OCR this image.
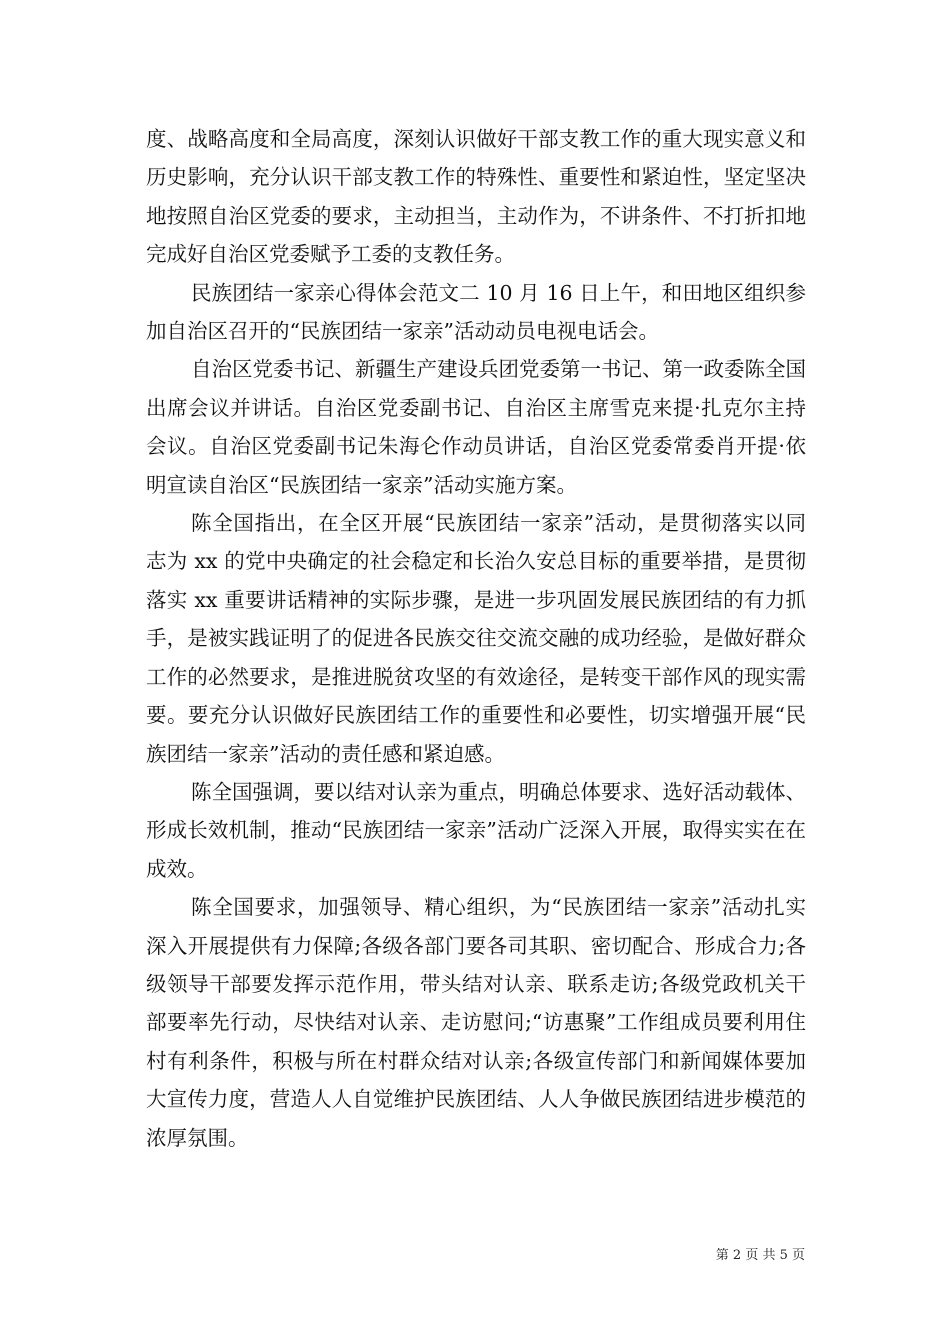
度、战略高度和全局高度，深刻认识做好干部支教工作的重大现实意义和历史影响，充分认识干部支教工作的特殊性、重要性和紧迫性，坚定坚决地按照自治区党委的要求，主动担当，主动作为，不讲条件、不打折扣地完成好自治区党委赋予工委的支教任务。

民族团结一家亲心得体会范文二 10 月 16 日上午，和田地区组织参加自治区召开的“民族团结一家亲”活动动员电视电话会。

自治区党委书记、新疆生产建设兵团党委第一书记、第一政委陈全国出席会议并讲话。自治区党委副书记、自治区主席雪克来提·扎克尔主持会议。自治区党委副书记朱海仑作动员讲话，自治区党委常委肖开提·依明宣读自治区“民族团结一家亲”活动实施方案。

陈全国指出，在全区开展“民族团结一家亲”活动，是贯彻落实以同志为 xx 的党中央确定的社会稳定和长治久安总目标的重要举措，是贯彻落实 xx 重要讲话精神的实际步骤，是进一步巩固发展民族团结的有力抓手，是被实践证明了的促进各民族交往交流交融的成功经验，是做好群众工作的必然要求，是推进脱贫攻坚的有效途径，是转变干部作风的现实需要。要充分认识做好民族团结工作的重要性和必要性，切实增强开展“民族团结一家亲”活动的责任感和紧迫感。

陈全国强调，要以结对认亲为重点，明确总体要求、选好活动载体、形成长效机制，推动“民族团结一家亲”活动广泛深入开展，取得实实在在成效。

陈全国要求，加强领导、精心组织，为“民族团结一家亲”活动扎实深入开展提供有力保障;各级各部门要各司其职、密切配合、形成合力;各级领导干部要发挥示范作用，带头结对认亲、联系走访;各级党政机关干部要率先行动，尽快结对认亲、走访慰问;“访惠聚”工作组成员要利用住村有利条件，积极与所在村群众结对认亲;各级宣传部门和新闻媒体要加大宣传力度，营造人人自觉维护民族团结、人人争做民族团结进步模范的浓厚氛围。

第 2 页 共 5 页
